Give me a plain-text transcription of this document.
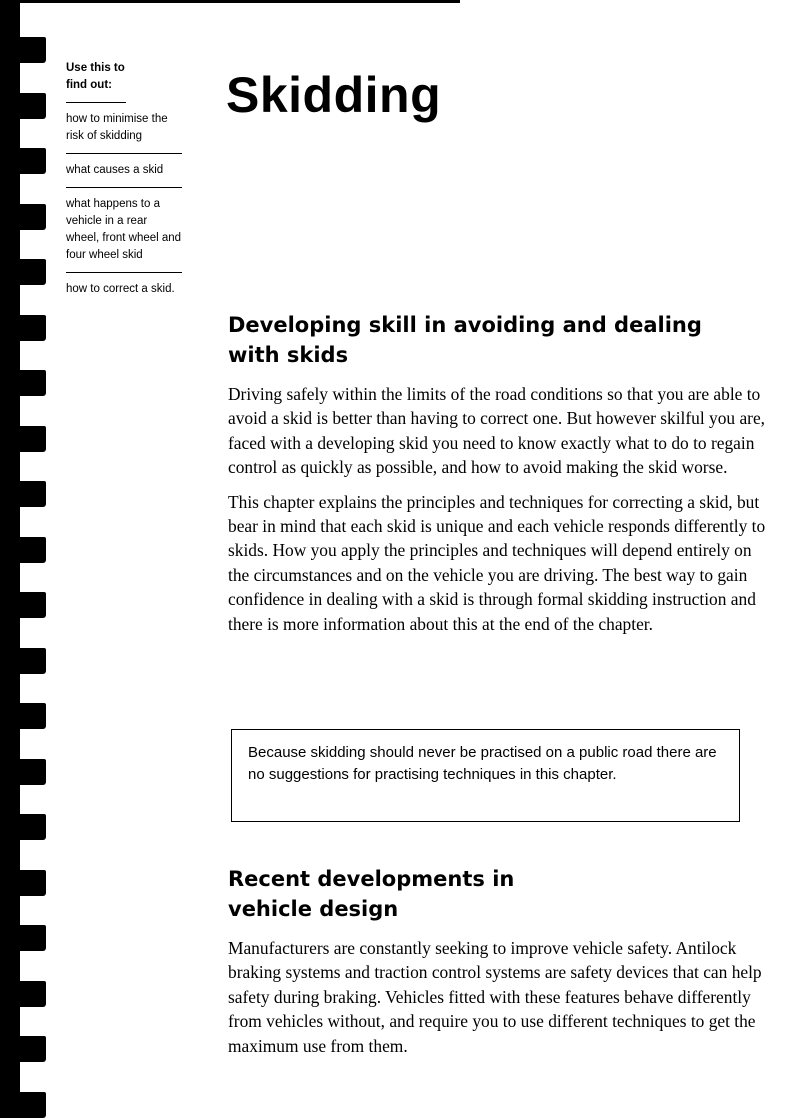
Use this to find out:
how to minimise the risk of skidding
what causes a skid
what happens to a vehicle in a rear wheel, front wheel and four wheel skid
how to correct a skid.
Skidding
Developing skill in avoiding and dealing with skids

Driving safely within the limits of the road conditions so that you are able to avoid a skid is better than having to correct one. But however skilful you are, faced with a developing skid you need to know exactly what to do to regain control as quickly as possible, and how to avoid making the skid worse.

This chapter explains the principles and techniques for correcting a skid, but bear in mind that each skid is unique and each vehicle responds differently to skids. How you apply the principles and techniques will depend entirely on the circumstances and on the vehicle you are driving. The best way to gain confidence in dealing with a skid is through formal skidding instruction and there is more information about this at the end of the chapter.

Because skidding should never be practised on a public road there are no suggestions for practising techniques in this chapter.
Recent developments in vehicle design

Manufacturers are constantly seeking to improve vehicle safety. Antilock braking systems and traction control systems are safety devices that can help safety during braking. Vehicles fitted with these features behave differently from vehicles without, and require you to use different techniques to get the maximum use from them.
